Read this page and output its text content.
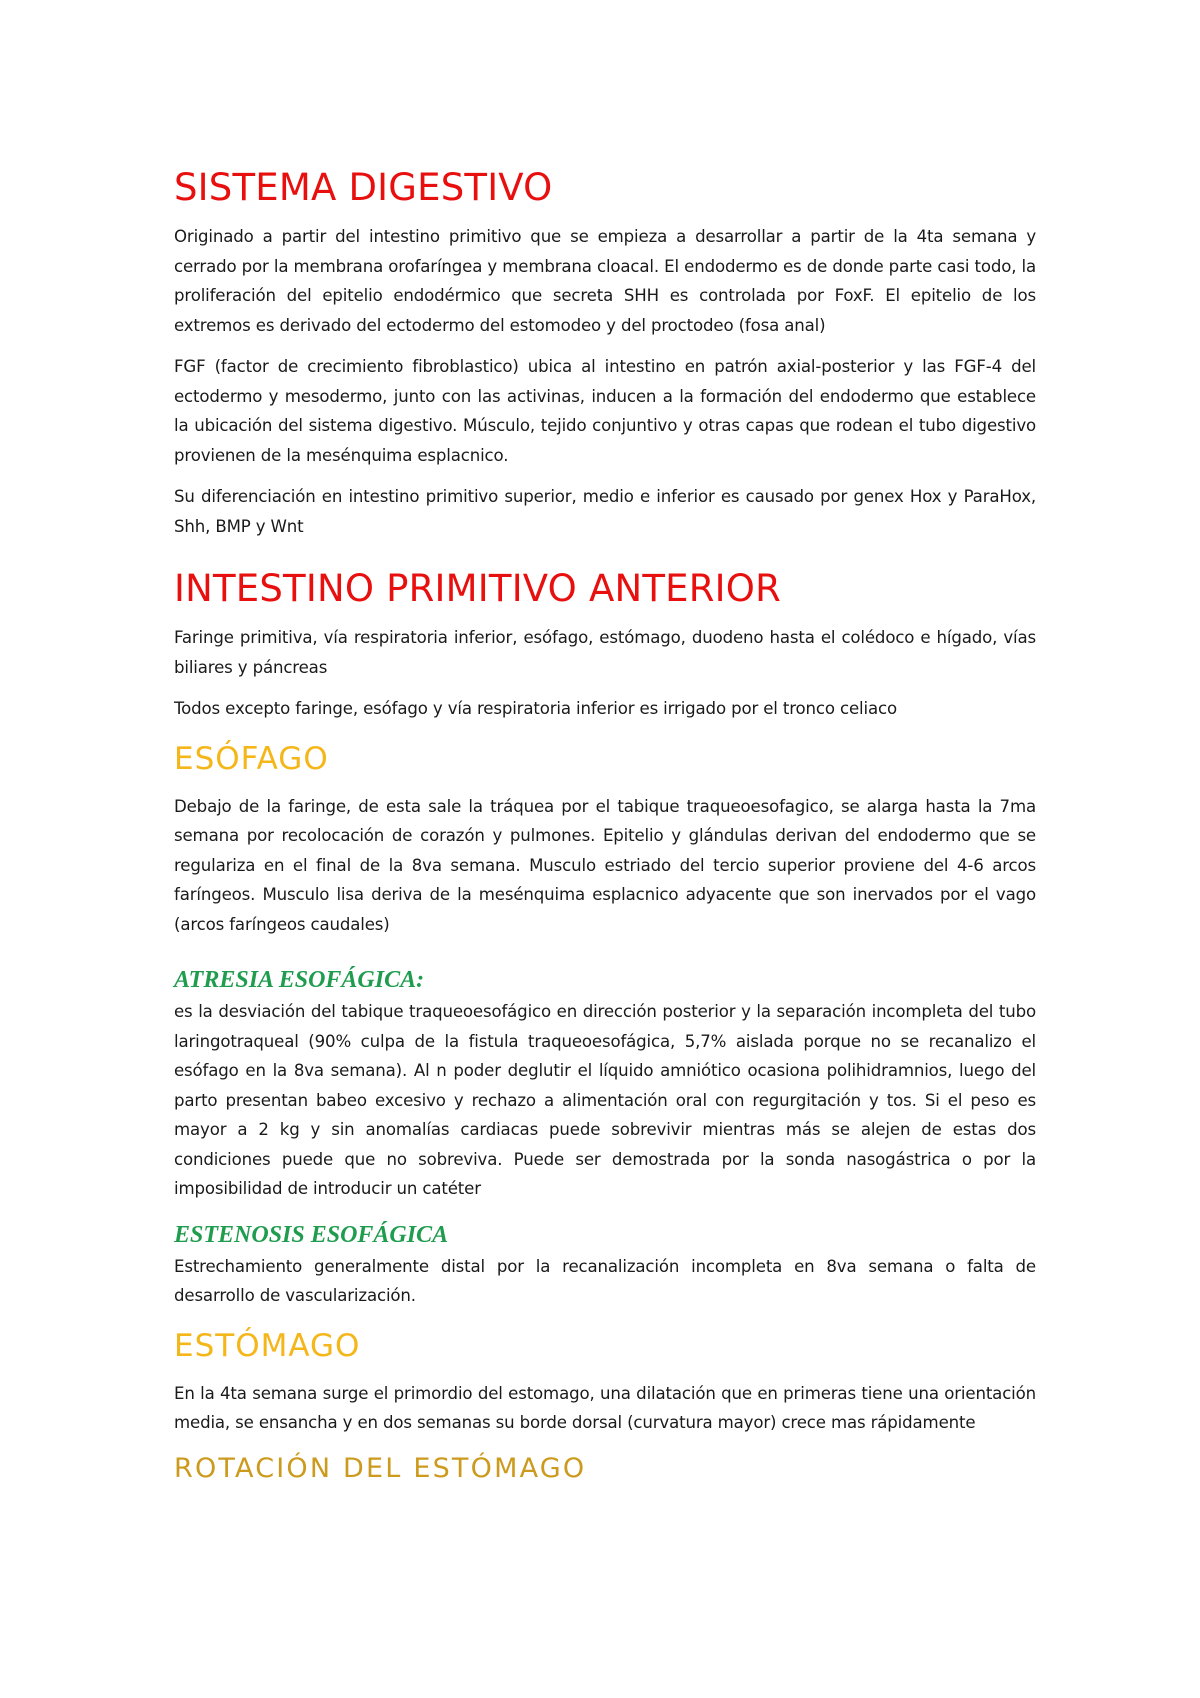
SISTEMA DIGESTIVO

Originado a partir del intestino primitivo que se empieza a desarrollar a partir de la 4ta semana y cerrado por la membrana orofaríngea y membrana cloacal. El endodermo es de donde parte casi todo, la proliferación del epitelio endodérmico que secreta SHH es controlada por FoxF. El epitelio de los extremos es derivado del ectodermo del estomodeo y del proctodeo (fosa anal)

FGF (factor de crecimiento fibroblastico) ubica al intestino en patrón axial-posterior y las FGF-4 del ectodermo y mesodermo, junto con las activinas, inducen a la formación del endodermo que establece la ubicación del sistema digestivo. Músculo, tejido conjuntivo y otras capas que rodean el tubo digestivo provienen de la mesénquima esplacnico.

Su diferenciación en intestino primitivo superior, medio e inferior es causado por genex Hox y ParaHox, Shh, BMP y Wnt

INTESTINO PRIMITIVO ANTERIOR

Faringe primitiva, vía respiratoria inferior, esófago, estómago, duodeno hasta el colédoco e hígado, vías biliares y páncreas

Todos excepto faringe, esófago y vía respiratoria inferior es irrigado por el tronco celiaco

ESÓFAGO

Debajo de la faringe, de esta sale la tráquea por el tabique traqueoesofagico, se alarga hasta la 7ma semana por recolocación de corazón y pulmones. Epitelio y glándulas derivan del endodermo que se regulariza en el final de la 8va semana. Musculo estriado del tercio superior proviene del 4-6 arcos faríngeos. Musculo lisa deriva de la mesénquima esplacnico adyacente que son inervados por el vago (arcos faríngeos caudales)

ATRESIA ESOFÁGICA:

es la desviación del tabique traqueoesofágico en dirección posterior y la separación incompleta del tubo laringotraqueal (90% culpa de la fistula traqueoesofágica, 5,7% aislada porque no se recanalizo el esófago en la 8va semana). Al n poder deglutir el líquido amniótico ocasiona polihidramnios, luego del parto presentan babeo excesivo y rechazo a alimentación oral con regurgitación y tos. Si el peso es mayor a 2 kg y sin anomalías cardiacas puede sobrevivir mientras más se alejen de estas dos condiciones puede que no sobreviva. Puede ser demostrada por la sonda nasogástrica o por la imposibilidad de introducir un catéter

ESTENOSIS ESOFÁGICA

Estrechamiento generalmente distal por la recanalización incompleta en 8va semana o falta de desarrollo de vascularización.

ESTÓMAGO

En la 4ta semana surge el primordio del estomago, una dilatación que en primeras tiene una orientación media, se ensancha y en dos semanas su borde dorsal (curvatura mayor) crece mas rápidamente

ROTACIÓN DEL ESTÓMAGO
